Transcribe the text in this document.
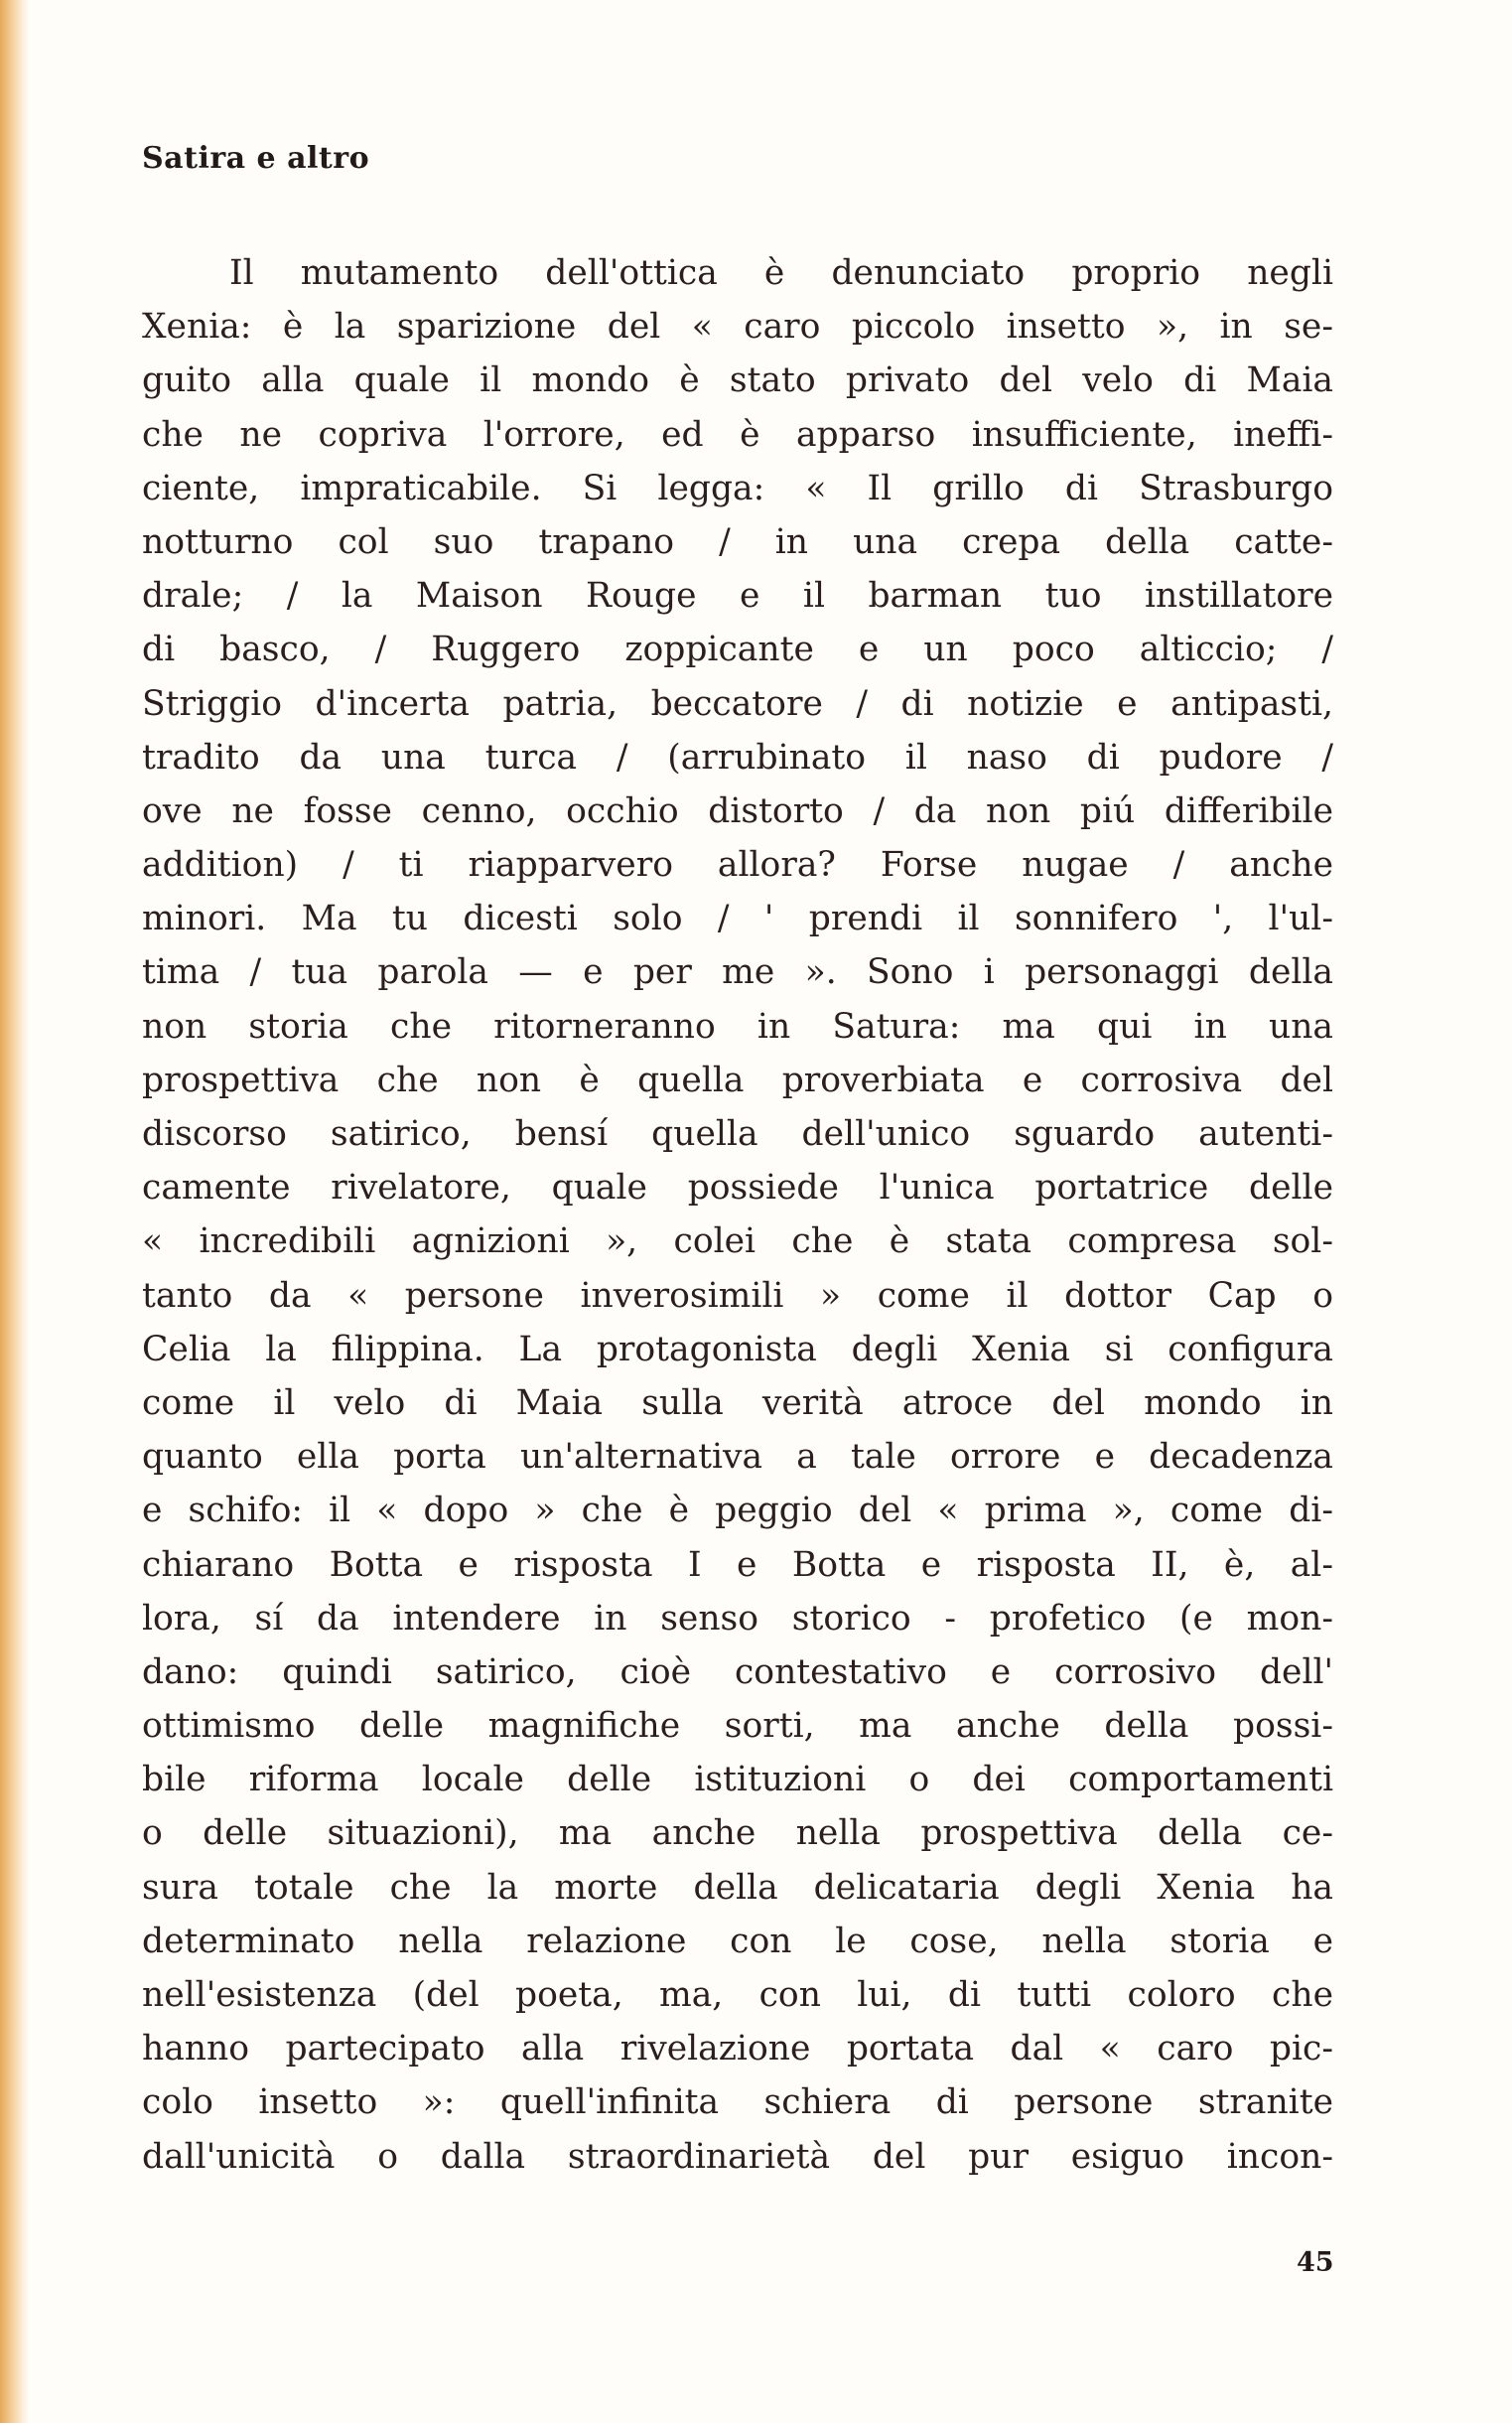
Satira e altro
Il mutamento dell'ottica è denunciato proprio negli
Xenia: è la sparizione del « caro piccolo insetto », in se-
guito alla quale il mondo è stato privato del velo di Maia
che ne copriva l'orrore, ed è apparso insufficiente, ineffi-
ciente, impraticabile. Si legga: « Il grillo di Strasburgo
notturno col suo trapano / in una crepa della catte-
drale; / la Maison Rouge e il barman tuo instillatore
di basco, / Ruggero zoppicante e un poco alticcio; /
Striggio d'incerta patria, beccatore / di notizie e antipasti,
tradito da una turca / (arrubinato il naso di pudore /
ove ne fosse cenno, occhio distorto / da non piú differibile
addition) / ti riapparvero allora? Forse nugae / anche
minori. Ma tu dicesti solo / ' prendi il sonnifero ', l'ul-
tima / tua parola — e per me ». Sono i personaggi della
non storia che ritorneranno in Satura: ma qui in una
prospettiva che non è quella proverbiata e corrosiva del
discorso satirico, bensí quella dell'unico sguardo autenti-
camente rivelatore, quale possiede l'unica portatrice delle
« incredibili agnizioni », colei che è stata compresa sol-
tanto da « persone inverosimili » come il dottor Cap o
Celia la filippina. La protagonista degli Xenia si configura
come il velo di Maia sulla verità atroce del mondo in
quanto ella porta un'alternativa a tale orrore e decadenza
e schifo: il « dopo » che è peggio del « prima », come di-
chiarano Botta e risposta I e Botta e risposta II, è, al-
lora, sí da intendere in senso storico - profetico (e mon-
dano: quindi satirico, cioè contestativo e corrosivo dell'
ottimismo delle magnifiche sorti, ma anche della possi-
bile riforma locale delle istituzioni o dei comportamenti
o delle situazioni), ma anche nella prospettiva della ce-
sura totale che la morte della delicataria degli Xenia ha
determinato nella relazione con le cose, nella storia e
nell'esistenza (del poeta, ma, con lui, di tutti coloro che
hanno partecipato alla rivelazione portata dal « caro pic-
colo insetto »: quell'infinita schiera di persone stranite
dall'unicità o dalla straordinarietà del pur esiguo incon-
45
